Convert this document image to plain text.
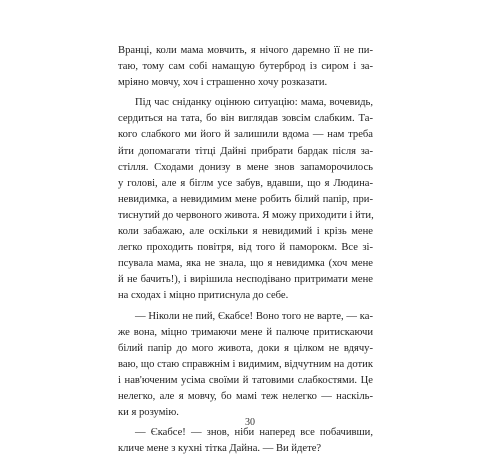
Вранці, коли мама мовчить, я нічого даремно її не пи-
таю, тому сам собі намащую бутерброд із сиром і за-
мріяно мовчу, хоч і страшенно хочу розказати.
Під час сніданку оцінюю ситуацію: мама, вочевидь,
сердиться на тата, бо він виглядав зовсім слабким. Та-
кого слабкого ми його й залишили вдома — нам треба
йти допомагати тітці Дайні прибрати бардак після за-
стілля. Сходами донизу в мене знов запаморочилось
у голові, але я біглм усе забув, вдавши, що я Людина-
невидимка, а невидимим мене робить білий папір, при-
тиснутий до червоного живота. Я можу приходити і йти,
коли забажаю, але оскільки я невидимий і крізь мене
легко проходить повітря, від того й паморокм. Все зі-
псувала мама, яка не знала, що я невидимка (хоч мене
й не бачить!), і вирішила несподівано притримати мене
на сходах і міцно притиснула до себе.
— Ніколи не пий, Єкабсе! Воно того не варте, — ка-
же вона, міцно тримаючи мене й палюче притискаючи
білий папір до мого живота, доки я цілком не вдячу-
ваю, що стаю справжнім і видимим, відчутним на дотик
і нав'юченим усіма своїми й татовими слабкостями. Це
нелегко, але я мовчу, бо мамі теж нелегко — наскіль-
ки я розумію.
— Єкабсе! — знов, ніби наперед все побачивши,
кличе мене з кухні тітка Дайна. — Ви йдете?
30
